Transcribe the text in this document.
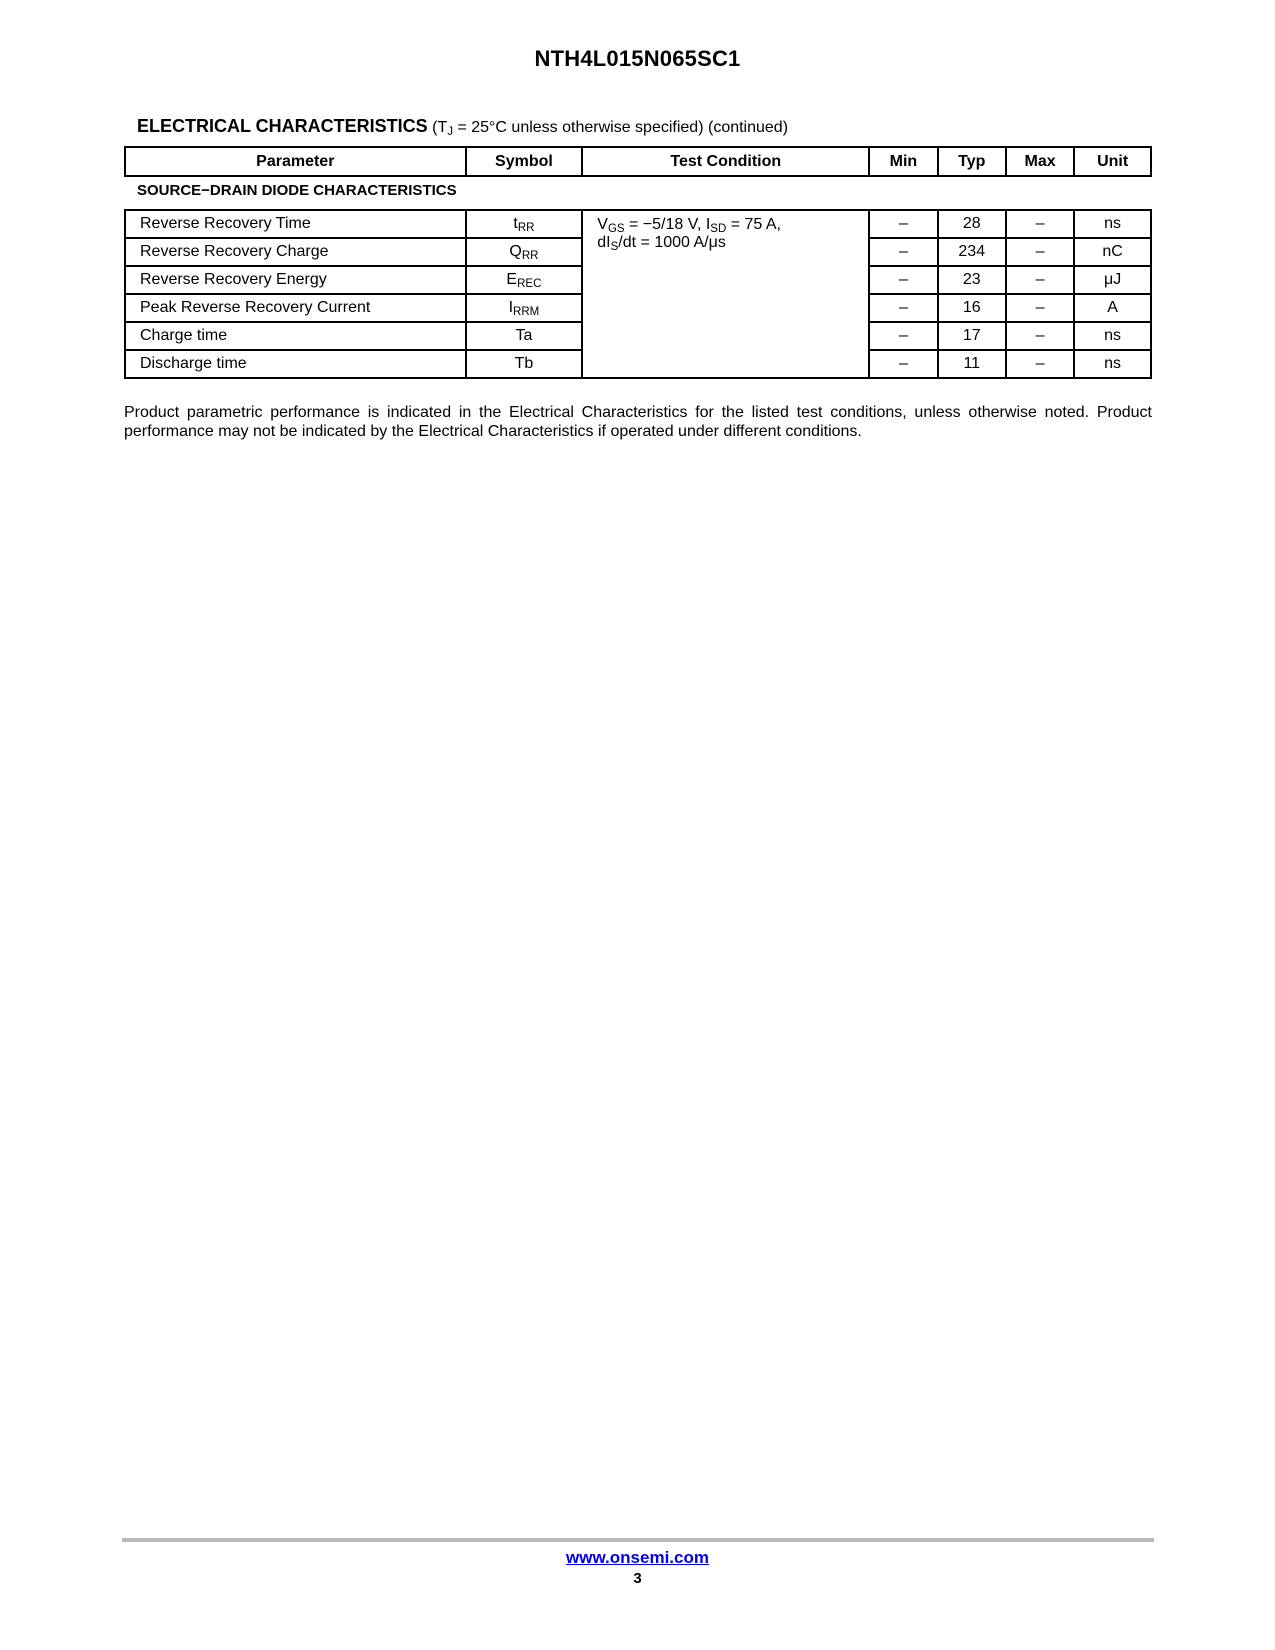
NTH4L015N065SC1
ELECTRICAL CHARACTERISTICS ($T_J = 25^\circ C$ unless otherwise specified) (continued)
Parameter	Symbol	Test Condition	Min	Typ	Max	Unit
SOURCE−DRAIN DIODE CHARACTERISTICS
Reverse Recovery Time	$t_{RR}$	$V_{GS} = -5/18$ V, $I_{SD} = 75$ A,
$dI_S/dt = 1000$ A/μs	–	28	–	ns
Reverse Recovery Charge	$Q_{RR}$		–	234	–	nC
Reverse Recovery Energy	$E_{REC}$		–	23	–	μJ
Peak Reverse Recovery Current	$I_{RRM}$		–	16	–	A
Charge time	Ta		–	17	–	ns
Discharge time	Tb		–	11	–	ns
Product parametric performance is indicated in the Electrical Characteristics for the listed test conditions, unless otherwise noted. Product performance may not be indicated by the Electrical Characteristics if operated under different conditions.
www.onsemi.com
3
